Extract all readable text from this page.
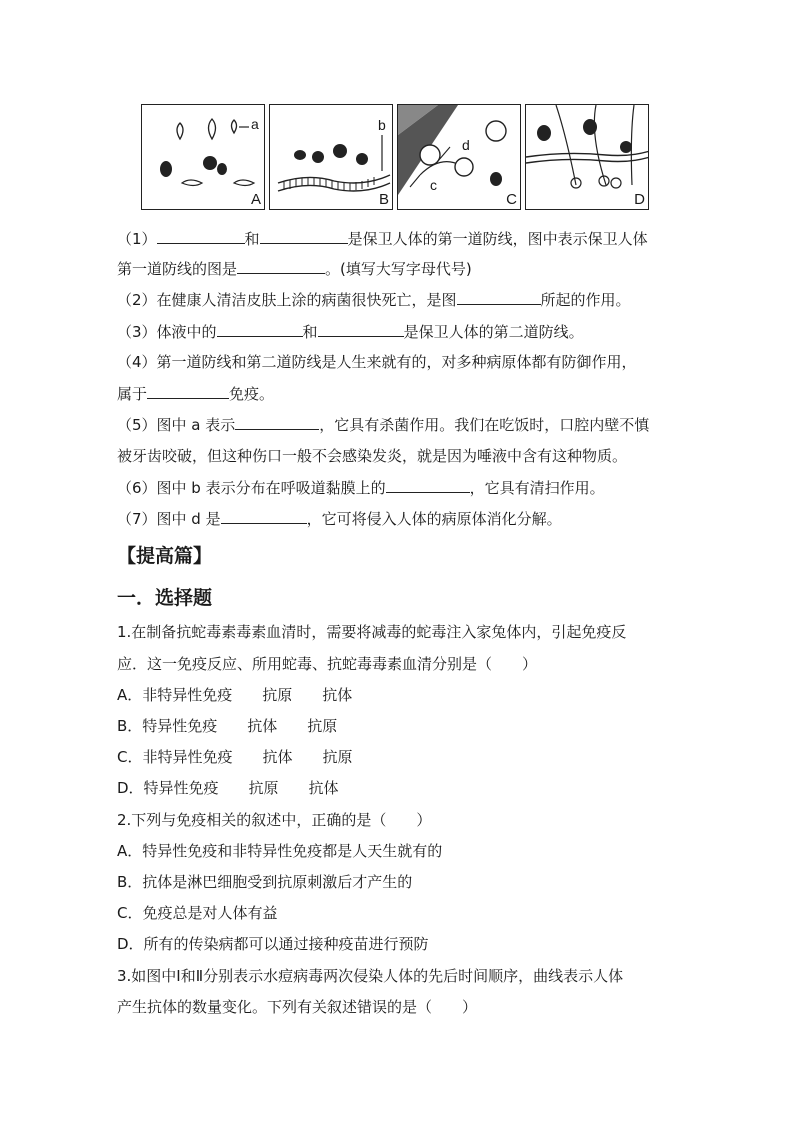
a
A
b
B
d
c
C	D
（1）	和	是保卫人体的第一道防线，图中表示保卫人体
第一道防线的图是	。(填写大写字母代号)
（2）在健康人清洁皮肤上涂的病菌很快死亡，是图	所起的作用。
（3）体液中的	和	是保卫人体的第二道防线。
（4）第一道防线和第二道防线是人生来就有的，对多种病原体都有防御作用，
属于	免疫。
（5）图中 a 表示	，它具有杀菌作用。我们在吃饭时，口腔内壁不慎
被牙齿咬破，但这种伤口一般不会感染发炎，就是因为唾液中含有这种物质。
（6）图中 b 表示分布在呼吸道黏膜上的	，它具有清扫作用。
（7）图中 d 是	，它可将侵入人体的病原体消化分解。
【提高篇】
一．选择题
1.在制备抗蛇毒素毒素血清时，需要将减毒的蛇毒注入家兔体内，引起免疫反
应．这一免疫反应、所用蛇毒、抗蛇毒毒素血清分别是（　　）
A．非特异性免疫　　抗原　　抗体
B．特异性免疫　　抗体　　抗原
C．非特异性免疫　　抗体　　抗原
D．特异性免疫　　抗原　　抗体
2.下列与免疫相关的叙述中，正确的是（　　）
A．特异性免疫和非特异性免疫都是人天生就有的
B．抗体是淋巴细胞受到抗原刺激后才产生的
C．免疫总是对人体有益
D．所有的传染病都可以通过接种疫苗进行预防
3.如图中Ⅰ和Ⅱ分别表示水痘病毒两次侵染人体的先后时间顺序，曲线表示人体
产生抗体的数量变化。下列有关叙述错误的是（　　）
